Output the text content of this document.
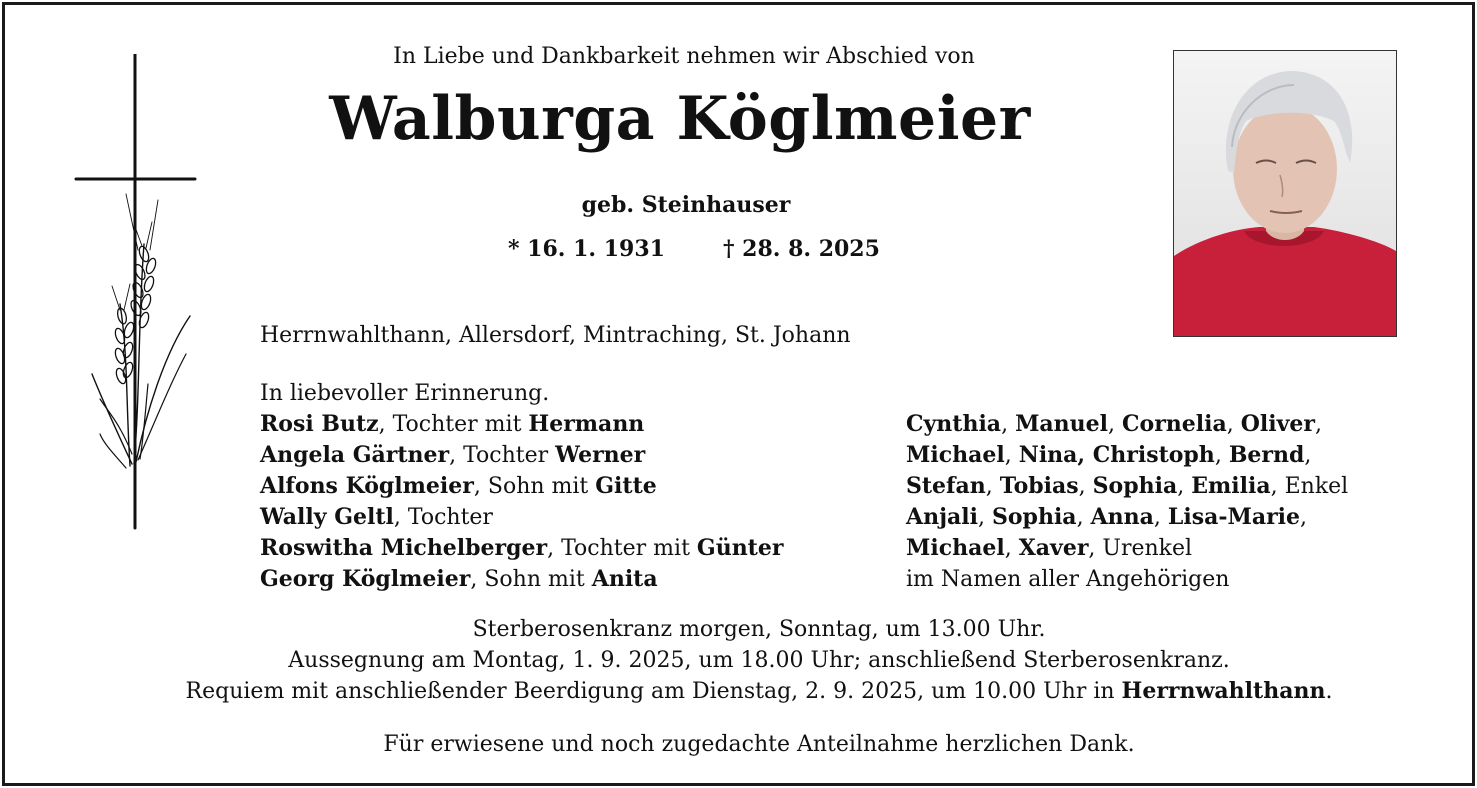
In Liebe und Dankbarkeit nehmen wir Abschied von
Walburga Köglmeier
geb. Steinhauser
* 16. 1. 1931	† 28. 8. 2025
Herrnwahlthann, Allersdorf, Mintraching, St. Johann
In liebevoller Erinnerung.
Rosi Butz, Tochter mit Hermann
Angela Gärtner, Tochter Werner
Alfons Köglmeier, Sohn mit Gitte
Wally Geltl, Tochter
Roswitha Michelberger, Tochter mit Günter
Georg Köglmeier, Sohn mit Anita
Cynthia, Manuel, Cornelia, Oliver,
Michael, Nina, Christoph, Bernd,
Stefan, Tobias, Sophia, Emilia, Enkel
Anjali, Sophia, Anna, Lisa-Marie,
Michael, Xaver, Urenkel
im Namen aller Angehörigen
Sterberosenkranz morgen, Sonntag, um 13.00 Uhr.
Aussegnung am Montag, 1. 9. 2025, um 18.00 Uhr; anschließend Sterberosenkranz.
Requiem mit anschließender Beerdigung am Dienstag, 2. 9. 2025, um 10.00 Uhr in Herrnwahlthann.
Für erwiesene und noch zugedachte Anteilnahme herzlichen Dank.
